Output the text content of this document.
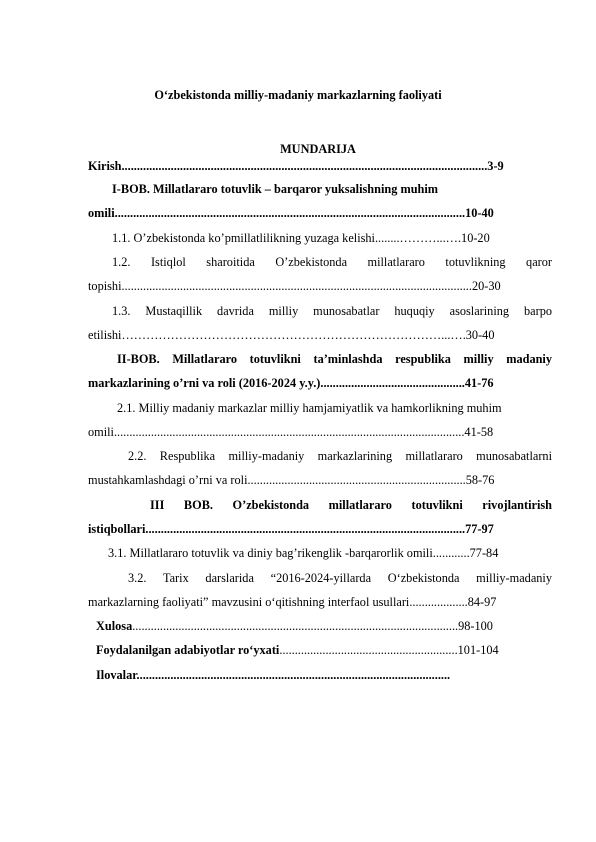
O‘zbekistonda milliy-madaniy markazlarning faoliyati
MUNDARIJA
Kirish.......................................................................................................................3-9
I-BOB. Millatlararo totuvlik – barqaror yuksalishning muhim
omili..................................................................................................................10-40
1.1. O’zbekistonda ko’pmillatlilikning yuzaga kelishi........………...….10-20
1.2. Istiqlol sharoitida O’zbekistonda millatlararo totuvlikning qaror
topishi..................................................................................................................20-30
1.3. Mustaqillik davrida milliy munosabatlar huquqiy asoslarining barpo
etilishi……………………………………………………………………...….30-40
II-BOB. Millatlararo totuvlikni ta’minlashda respublika milliy madaniy
markazlarining o’rni va roli (2016-2024 y.y.)...............................................41-76
2.1. Milliy madaniy markazlar milliy hamjamiyatlik va hamkorlikning muhim
omili..................................................................................................................41-58
2.2. Respublika milliy-madaniy markazlarining millatlararo munosabatlarni
mustahkamlashdagi o’rni va roli.......................................................................58-76
III BOB. O’zbekistonda millatlararo totuvlikni rivojlantirish
istiqbollari........................................................................................................77-97
3.1. Millatlararo totuvlik va diniy bag’rikenglik -barqarorlik omili............77-84
3.2. Tarix darslarida “2016-2024-yillarda O‘zbekistonda milliy-madaniy
markazlarning faoliyati” mavzusini o‘qitishning interfaol usullari...................84-97
Xulosa..........................................................................................................98-100
Foydalanilgan adabiyotlar ro‘yxati..........................................................101-104
Ilovalar......................................................................................................
